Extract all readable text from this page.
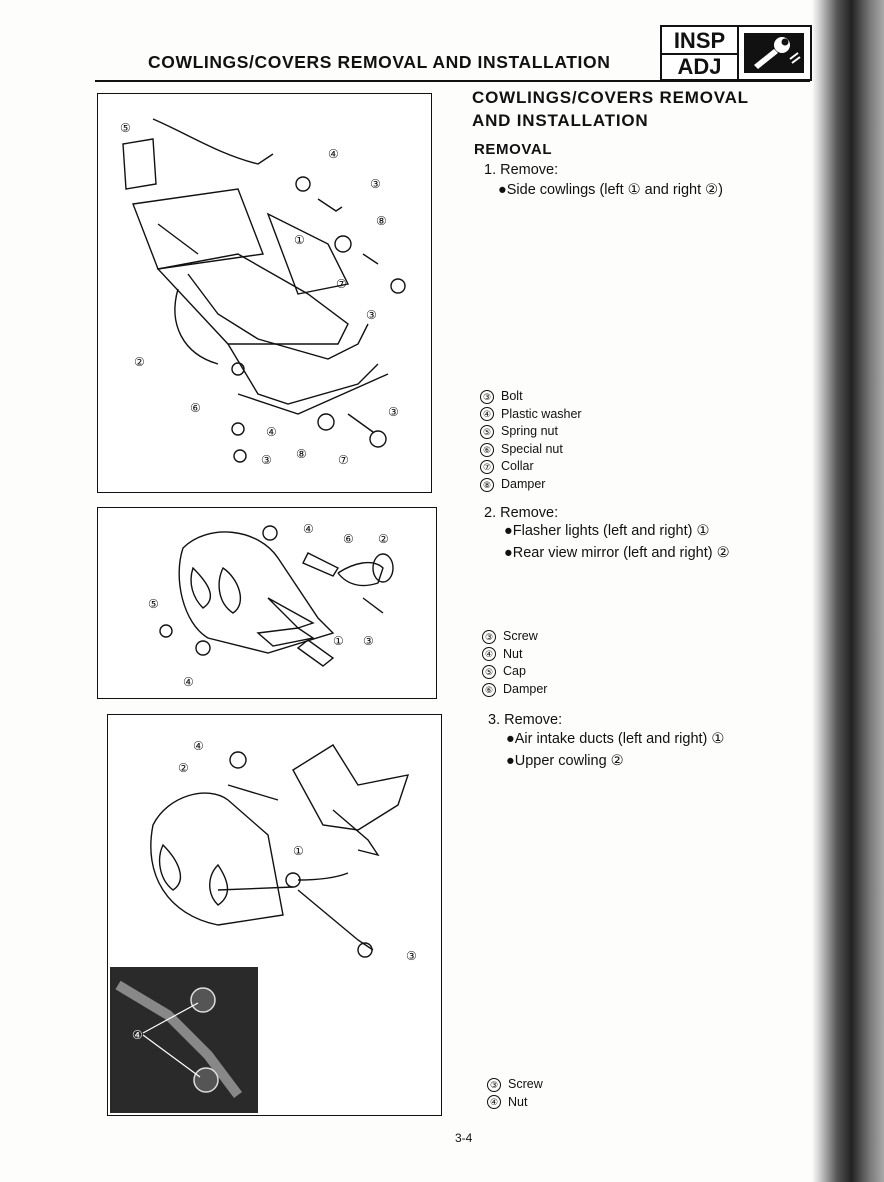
COWLINGS/COVERS REMOVAL AND INSTALLATION
INSP
ADJ
⑤
④
③
⑧
①
⑦
③
②
⑥	③
④
③ ⑧	⑦
④
⑥ ②
⑤
① ③
④
④
②
①
③
④
COWLINGS/COVERS REMOVAL
AND INSTALLATION
REMOVAL
1. Remove:
●Side cowlings (left ① and right ②)
③ Bolt
④ Plastic washer
⑤ Spring nut
⑥ Special nut
⑦ Collar
⑧ Damper
2. Remove:
●Flasher lights (left and right) ①
●Rear view mirror (left and right) ②
③ Screw
④ Nut
⑤ Cap
⑥ Damper
3. Remove:
●Air intake ducts (left and right) ①
●Upper cowling ②
③ Screw
④ Nut
3-4
